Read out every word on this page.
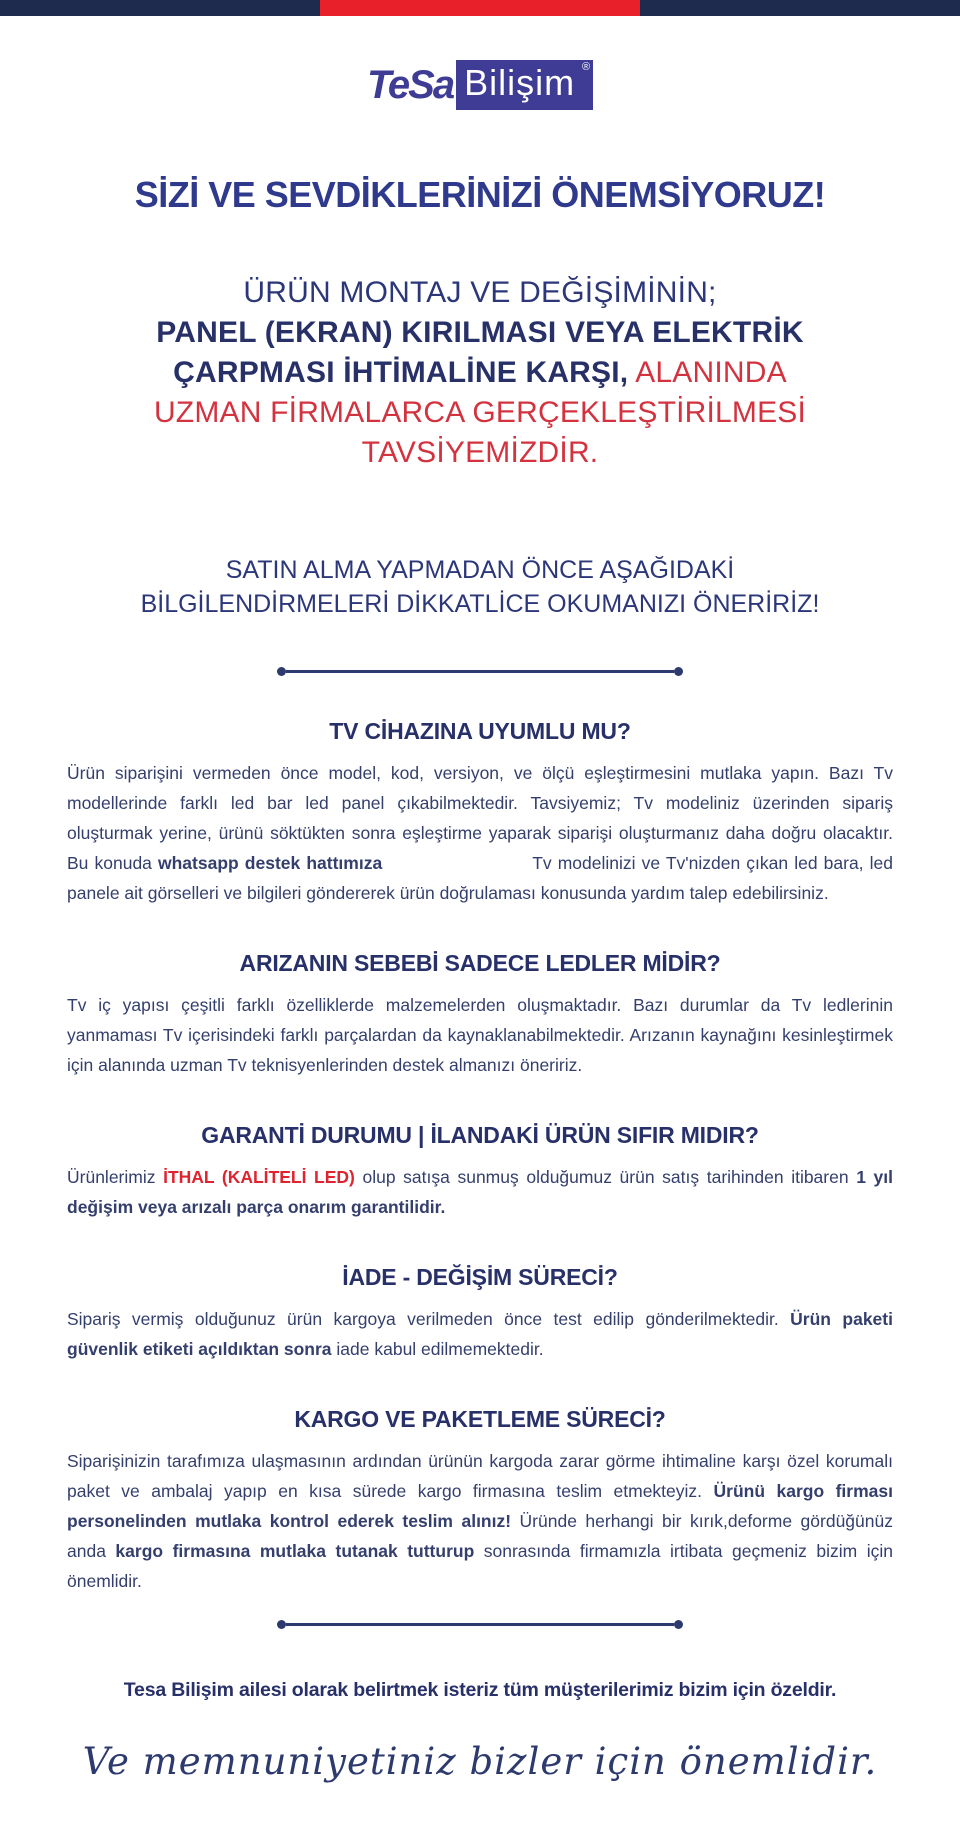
TeSa Bilişim ®
SİZİ VE SEVDİKLERİNİZİ ÖNEMSİYORUZ!
ÜRÜN MONTAJ VE DEĞİŞİMİNİN;
PANEL (EKRAN) KIRILMASI VEYA ELEKTRİK
ÇARPMASI İHTİMALİNE KARŞI, ALANINDA
UZMAN FİRMALARCA GERÇEKLEŞTİRİLMESİ
TAVSİYEMİZDİR.
SATIN ALMA YAPMADAN ÖNCE AŞAĞIDAKİ
BİLGİLENDİRMELERİ DİKKATLİCE OKUMANIZI ÖNERİRİZ!
TV CİHAZINA UYUMLU MU?

Ürün siparişini vermeden önce model, kod, versiyon, ve ölçü eşleştirmesini mutlaka yapın. Bazı Tv modellerinde farklı led bar led panel çıkabilmektedir. Tavsiyemiz; Tv modeliniz üzerinden sipariş oluşturmak yerine, ürünü söktükten sonra eşleştirme yaparak siparişi oluşturmanız daha doğru olacaktır. Bu konuda whatsapp destek hattımıza	Tv modelinizi ve Tv'nizden çıkan led bara, led panele ait görselleri ve bilgileri göndererek ürün doğrulaması konusunda yardım talep edebilirsiniz.

ARIZANIN SEBEBİ SADECE LEDLER MİDİR?

Tv iç yapısı çeşitli farklı özelliklerde malzemelerden oluşmaktadır. Bazı durumlar da Tv ledlerinin yanmaması Tv içerisindeki farklı parçalardan da kaynaklanabilmektedir. Arızanın kaynağını kesinleştirmek için alanında uzman Tv teknisyenlerinden destek almanızı öneririz.

GARANTİ DURUMU | İLANDAKİ ÜRÜN SIFIR MIDIR?

Ürünlerimiz İTHAL (KALİTELİ LED) olup satışa sunmuş olduğumuz ürün satış tarihinden itibaren 1 yıl değişim veya arızalı parça onarım garantilidir.

İADE - DEĞİŞİM SÜRECİ?

Sipariş vermiş olduğunuz ürün kargoya verilmeden önce test edilip gönderilmektedir. Ürün paketi güvenlik etiketi açıldıktan sonra iade kabul edilmemektedir.

KARGO VE PAKETLEME SÜRECİ?

Siparişinizin tarafımıza ulaşmasının ardından ürünün kargoda zarar görme ihtimaline karşı özel korumalı paket ve ambalaj yapıp en kısa sürede kargo firmasına teslim etmekteyiz. Ürünü kargo firması personelinden mutlaka kontrol ederek teslim alınız! Üründe herhangi bir kırık,deforme gördüğünüz anda kargo firmasına mutlaka tutanak tutturup sonrasında firmamızla irtibata geçmeniz bizim için önemlidir.

Tesa Bilişim ailesi olarak belirtmek isteriz tüm müşterilerimiz bizim için özeldir.

Ve memnuniyetiniz bizler için önemlidir.
